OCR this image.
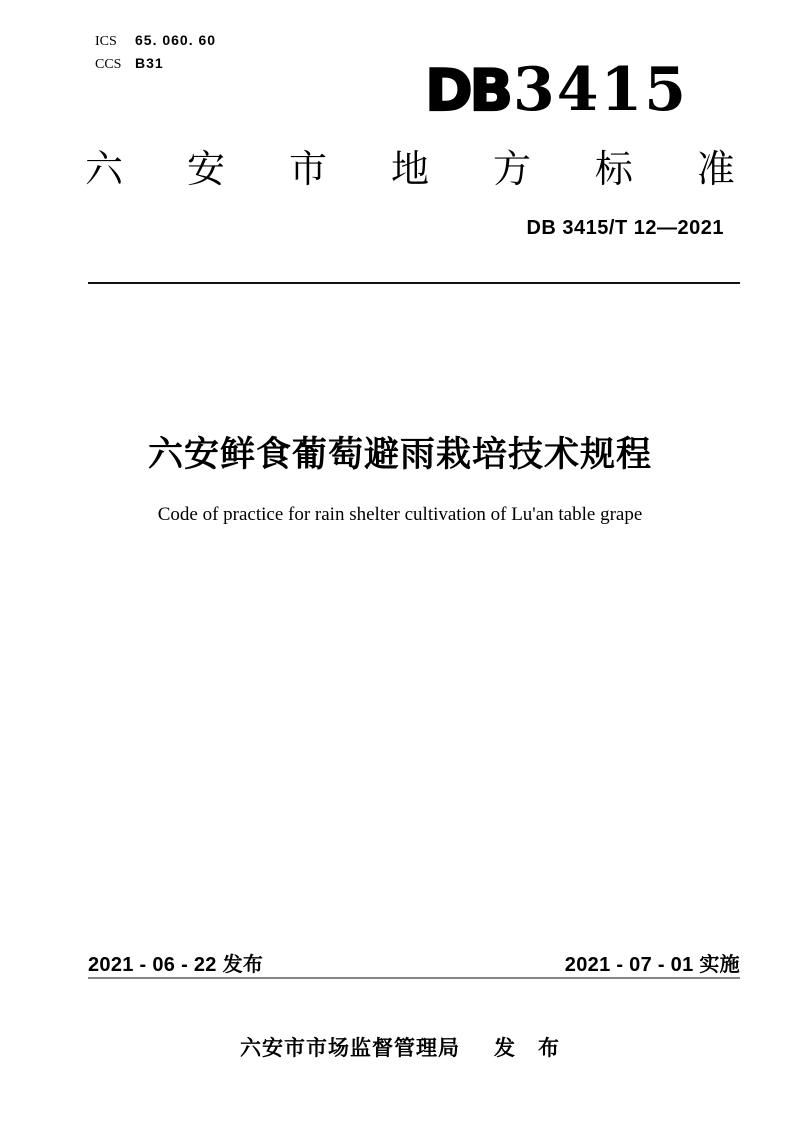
ICS	65. 060. 60
CCS B31	DB 3415
六 安 市 地 方 标 准
DB 3415/T 12—2021
六安鲜食葡萄避雨栽培技术规程
Code of practice for rain shelter cultivation of Lu'an table grape
2021 - 06 - 22 发布	2021 - 07 - 01 实施
六安市市场监督管理局 发　布
